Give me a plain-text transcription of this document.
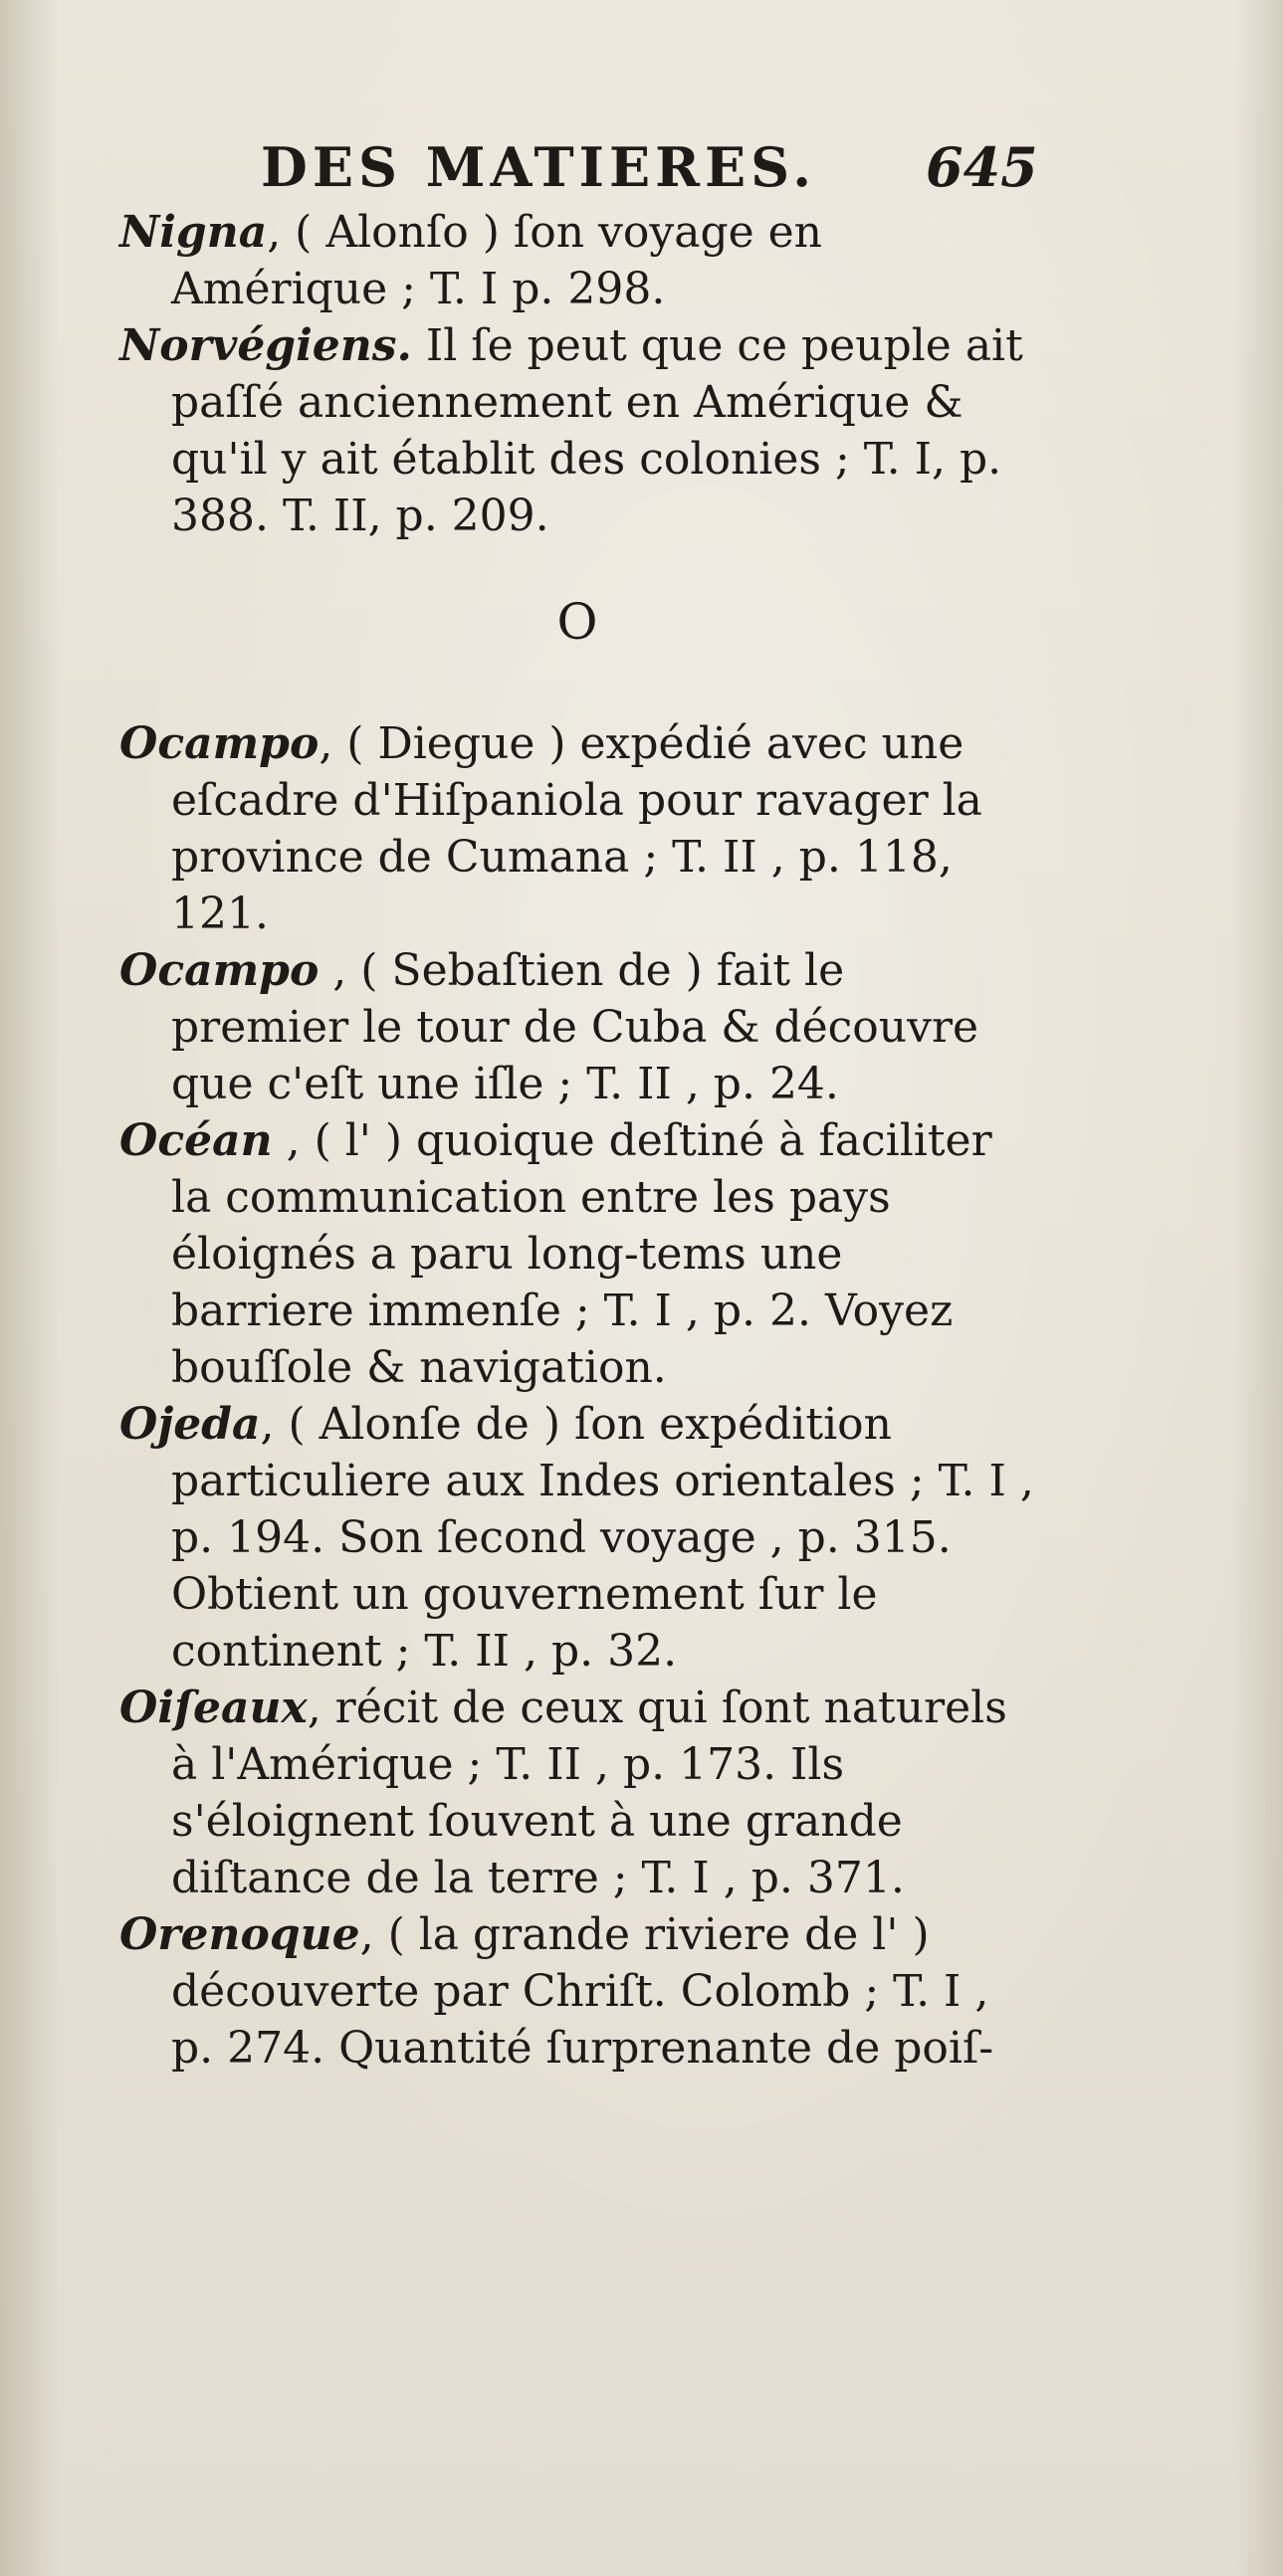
DES MATIERES. 645

Nigna, ( Alonſo ) ſon voyage en Amérique ; T. I p. 298.

Norvégiens. Il ſe peut que ce peuple ait paſſé anciennement en Amérique & qu'il y ait établit des colonies ; T. I, p. 388. T. II, p. 209.

O

Ocampo, ( Diegue ) expédié avec une eſcadre d'Hiſpaniola pour ravager la province de Cumana ; T. II , p. 118, 121.

Ocampo , ( Sebaſtien de ) fait le premier le tour de Cuba & découvre que c'eſt une iſle ; T. II , p. 24.

Océan , ( l' ) quoique deſtiné à faciliter la communication entre les pays éloignés a paru long-tems une barriere immenſe ; T. I , p. 2. Voyez bouſſole & navigation.

Ojeda, ( Alonſe de ) ſon expédition particuliere aux Indes orientales ; T. I , p. 194. Son ſecond voyage , p. 315. Obtient un gouvernement ſur le continent ; T. II , p. 32.

Oiſeaux, récit de ceux qui ſont naturels à l'Amérique ; T. II , p. 173. Ils s'éloignent ſouvent à une grande diſtance de la terre ; T. I , p. 371.

Orenoque, ( la grande riviere de l' ) découverte par Chriſt. Colomb ; T. I , p. 274. Quantité ſurprenante de poiſ-
